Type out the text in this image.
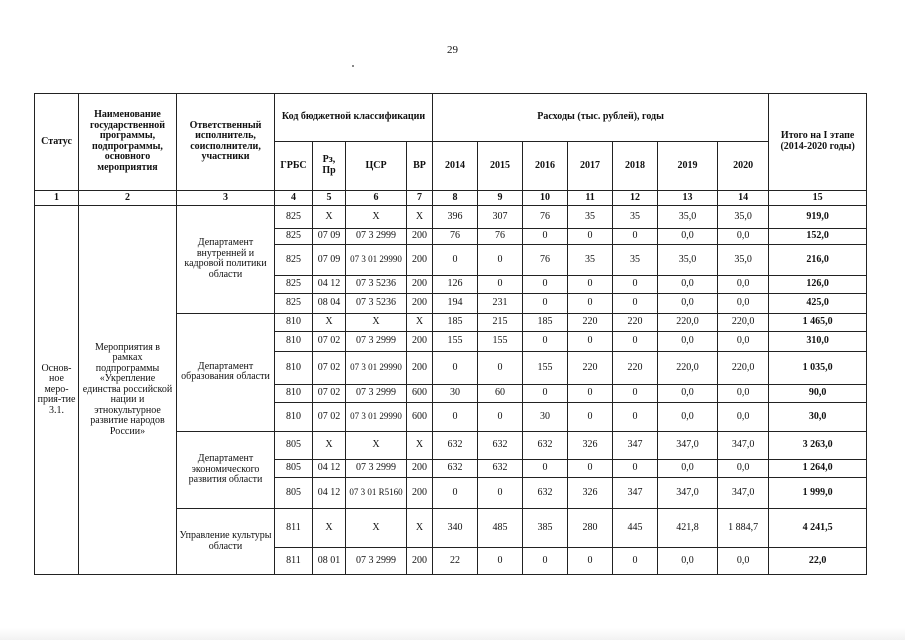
29
Статус	Наименование государственной программы, подпрограммы, основного мероприятия	Ответственный исполнитель, соисполнители, участники	Код бюджетной классификации				Расходы (тыс. рублей), годы							Итого на I этапе (2014-2020 годы)
			ГРБС	Рз, Пр	ЦСР	ВР	2014	2015	2016	2017	2018	2019	2020	
1	2	3	4	5	6	7	8	9	10	11	12	13	14	15
Основ-ное меро-прия-тие 3.1.	Мероприятия в рамках подпрограммы «Укрепление единства российской нации и этнокультурное развитие народов России»	Департамент внутренней и кадровой политики области	825	X	X	X	396	307	76	35	35	35,0	35,0	919,0
			825	07 09	07 3 2999	200	76	76	0	0	0	0,0	0,0	152,0
			825	07 09	07 3 01 29990	200	0	0	76	35	35	35,0	35,0	216,0
			825	04 12	07 3 5236	200	126	0	0	0	0	0,0	0,0	126,0
			825	08 04	07 3 5236	200	194	231	0	0	0	0,0	0,0	425,0
		Департамент образования области	810	X	X	X	185	215	185	220	220	220,0	220,0	1 465,0
			810	07 02	07 3 2999	200	155	155	0	0	0	0,0	0,0	310,0
			810	07 02	07 3 01 29990	200	0	0	155	220	220	220,0	220,0	1 035,0
			810	07 02	07 3 2999	600	30	60	0	0	0	0,0	0,0	90,0
			810	07 02	07 3 01 29990	600	0	0	30	0	0	0,0	0,0	30,0
		Департамент экономического развития области	805	X	X	X	632	632	632	326	347	347,0	347,0	3 263,0
			805	04 12	07 3 2999	200	632	632	0	0	0	0,0	0,0	1 264,0
			805	04 12	07 3 01 R5160	200	0	0	632	326	347	347,0	347,0	1 999,0
		Управление культуры области	811	X	X	X	340	485	385	280	445	421,8	1 884,7	4 241,5
			811	08 01	07 3 2999	200	22	0	0	0	0	0,0	0,0	22,0
